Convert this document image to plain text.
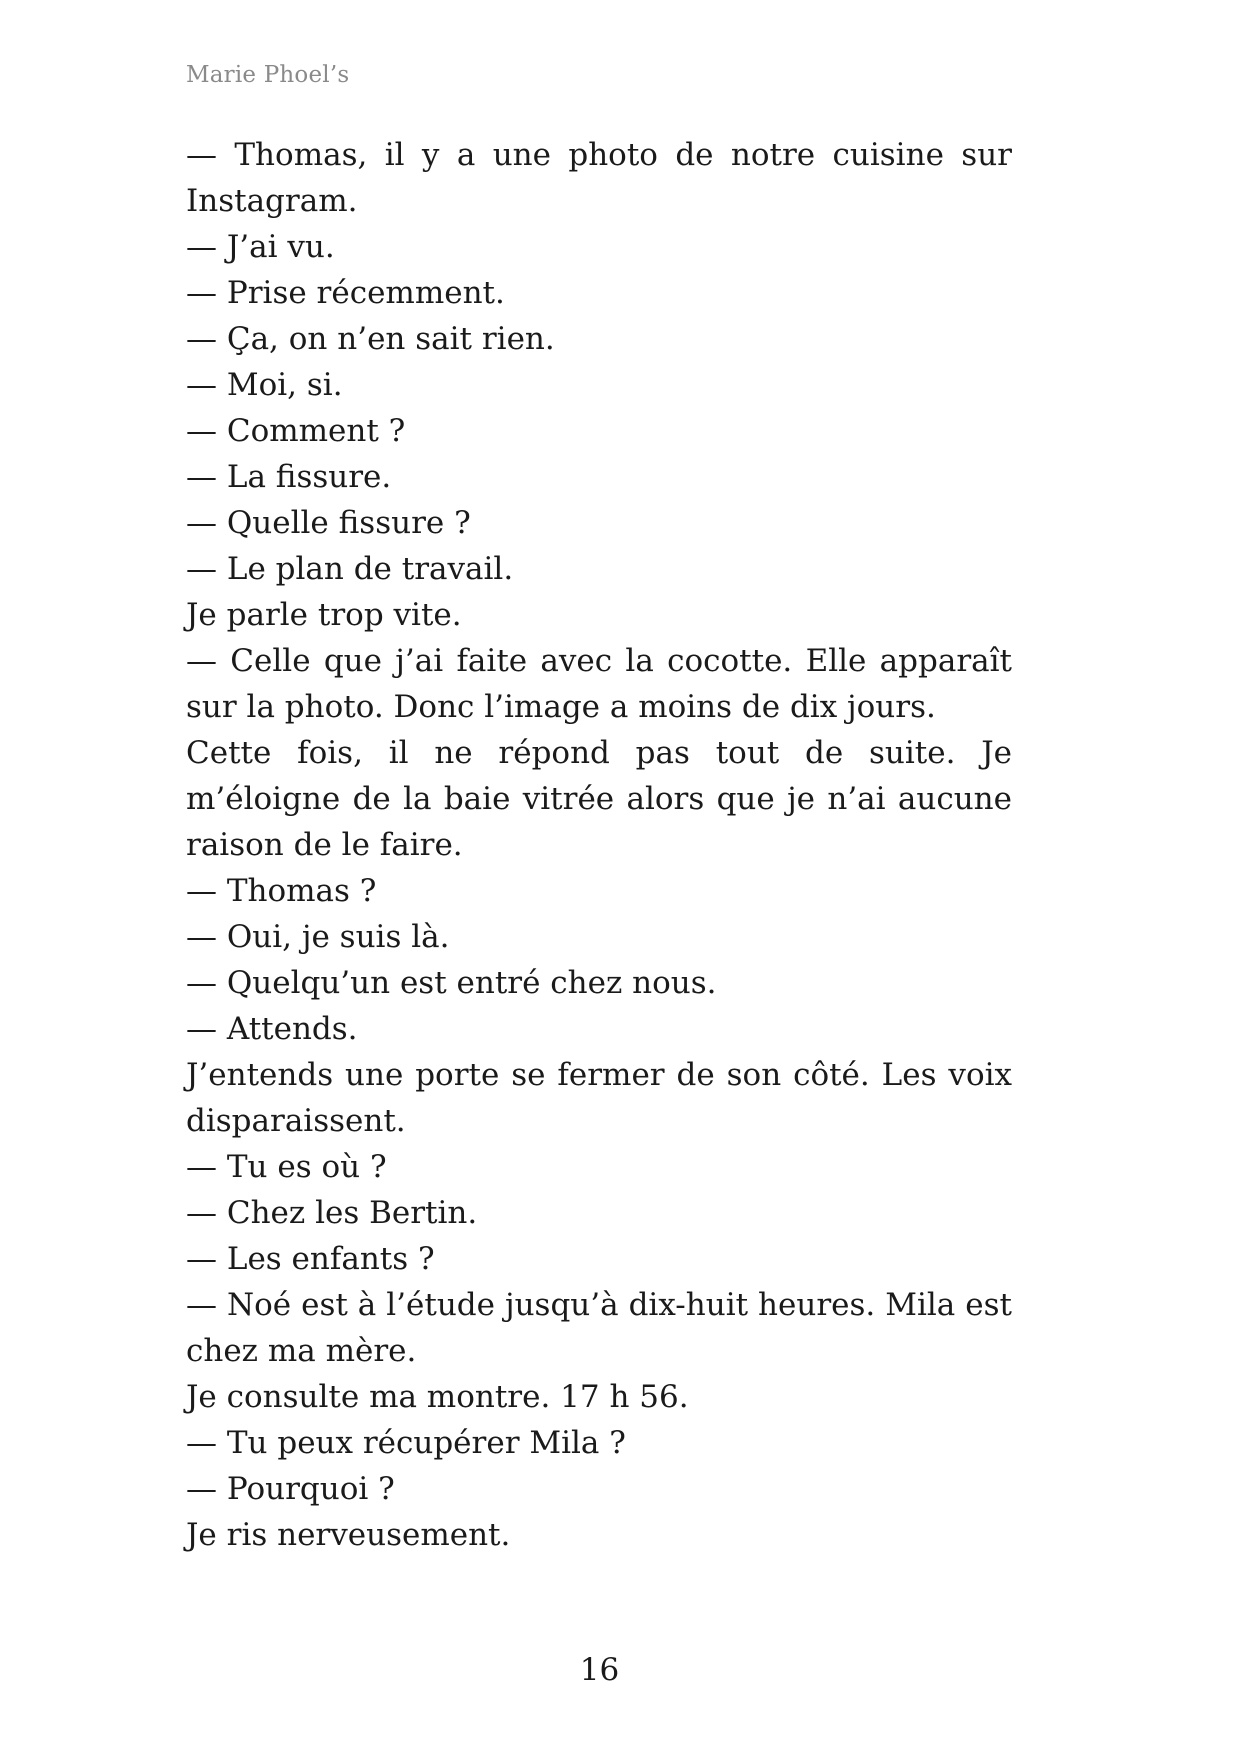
Marie Phoel’s

— Thomas, il y a une photo de notre cuisine sur Instagram.

— J’ai vu.

— Prise récemment.

— Ça, on n’en sait rien.

— Moi, si.

— Comment ?

— La fissure.

— Quelle fissure ?

— Le plan de travail.

Je parle trop vite.

— Celle que j’ai faite avec la cocotte. Elle apparaît sur la photo. Donc l’image a moins de dix jours.

Cette fois, il ne répond pas tout de suite. Je m’éloigne de la baie vitrée alors que je n’ai aucune raison de le faire.

— Thomas ?

— Oui, je suis là.

— Quelqu’un est entré chez nous.

— Attends.

J’entends une porte se fermer de son côté. Les voix disparaissent.

— Tu es où ?

— Chez les Bertin.

— Les enfants ?

— Noé est à l’étude jusqu’à dix-huit heures. Mila est chez ma mère.

Je consulte ma montre. 17 h 56.

— Tu peux récupérer Mila ?

— Pourquoi ?

Je ris nerveusement.

16
